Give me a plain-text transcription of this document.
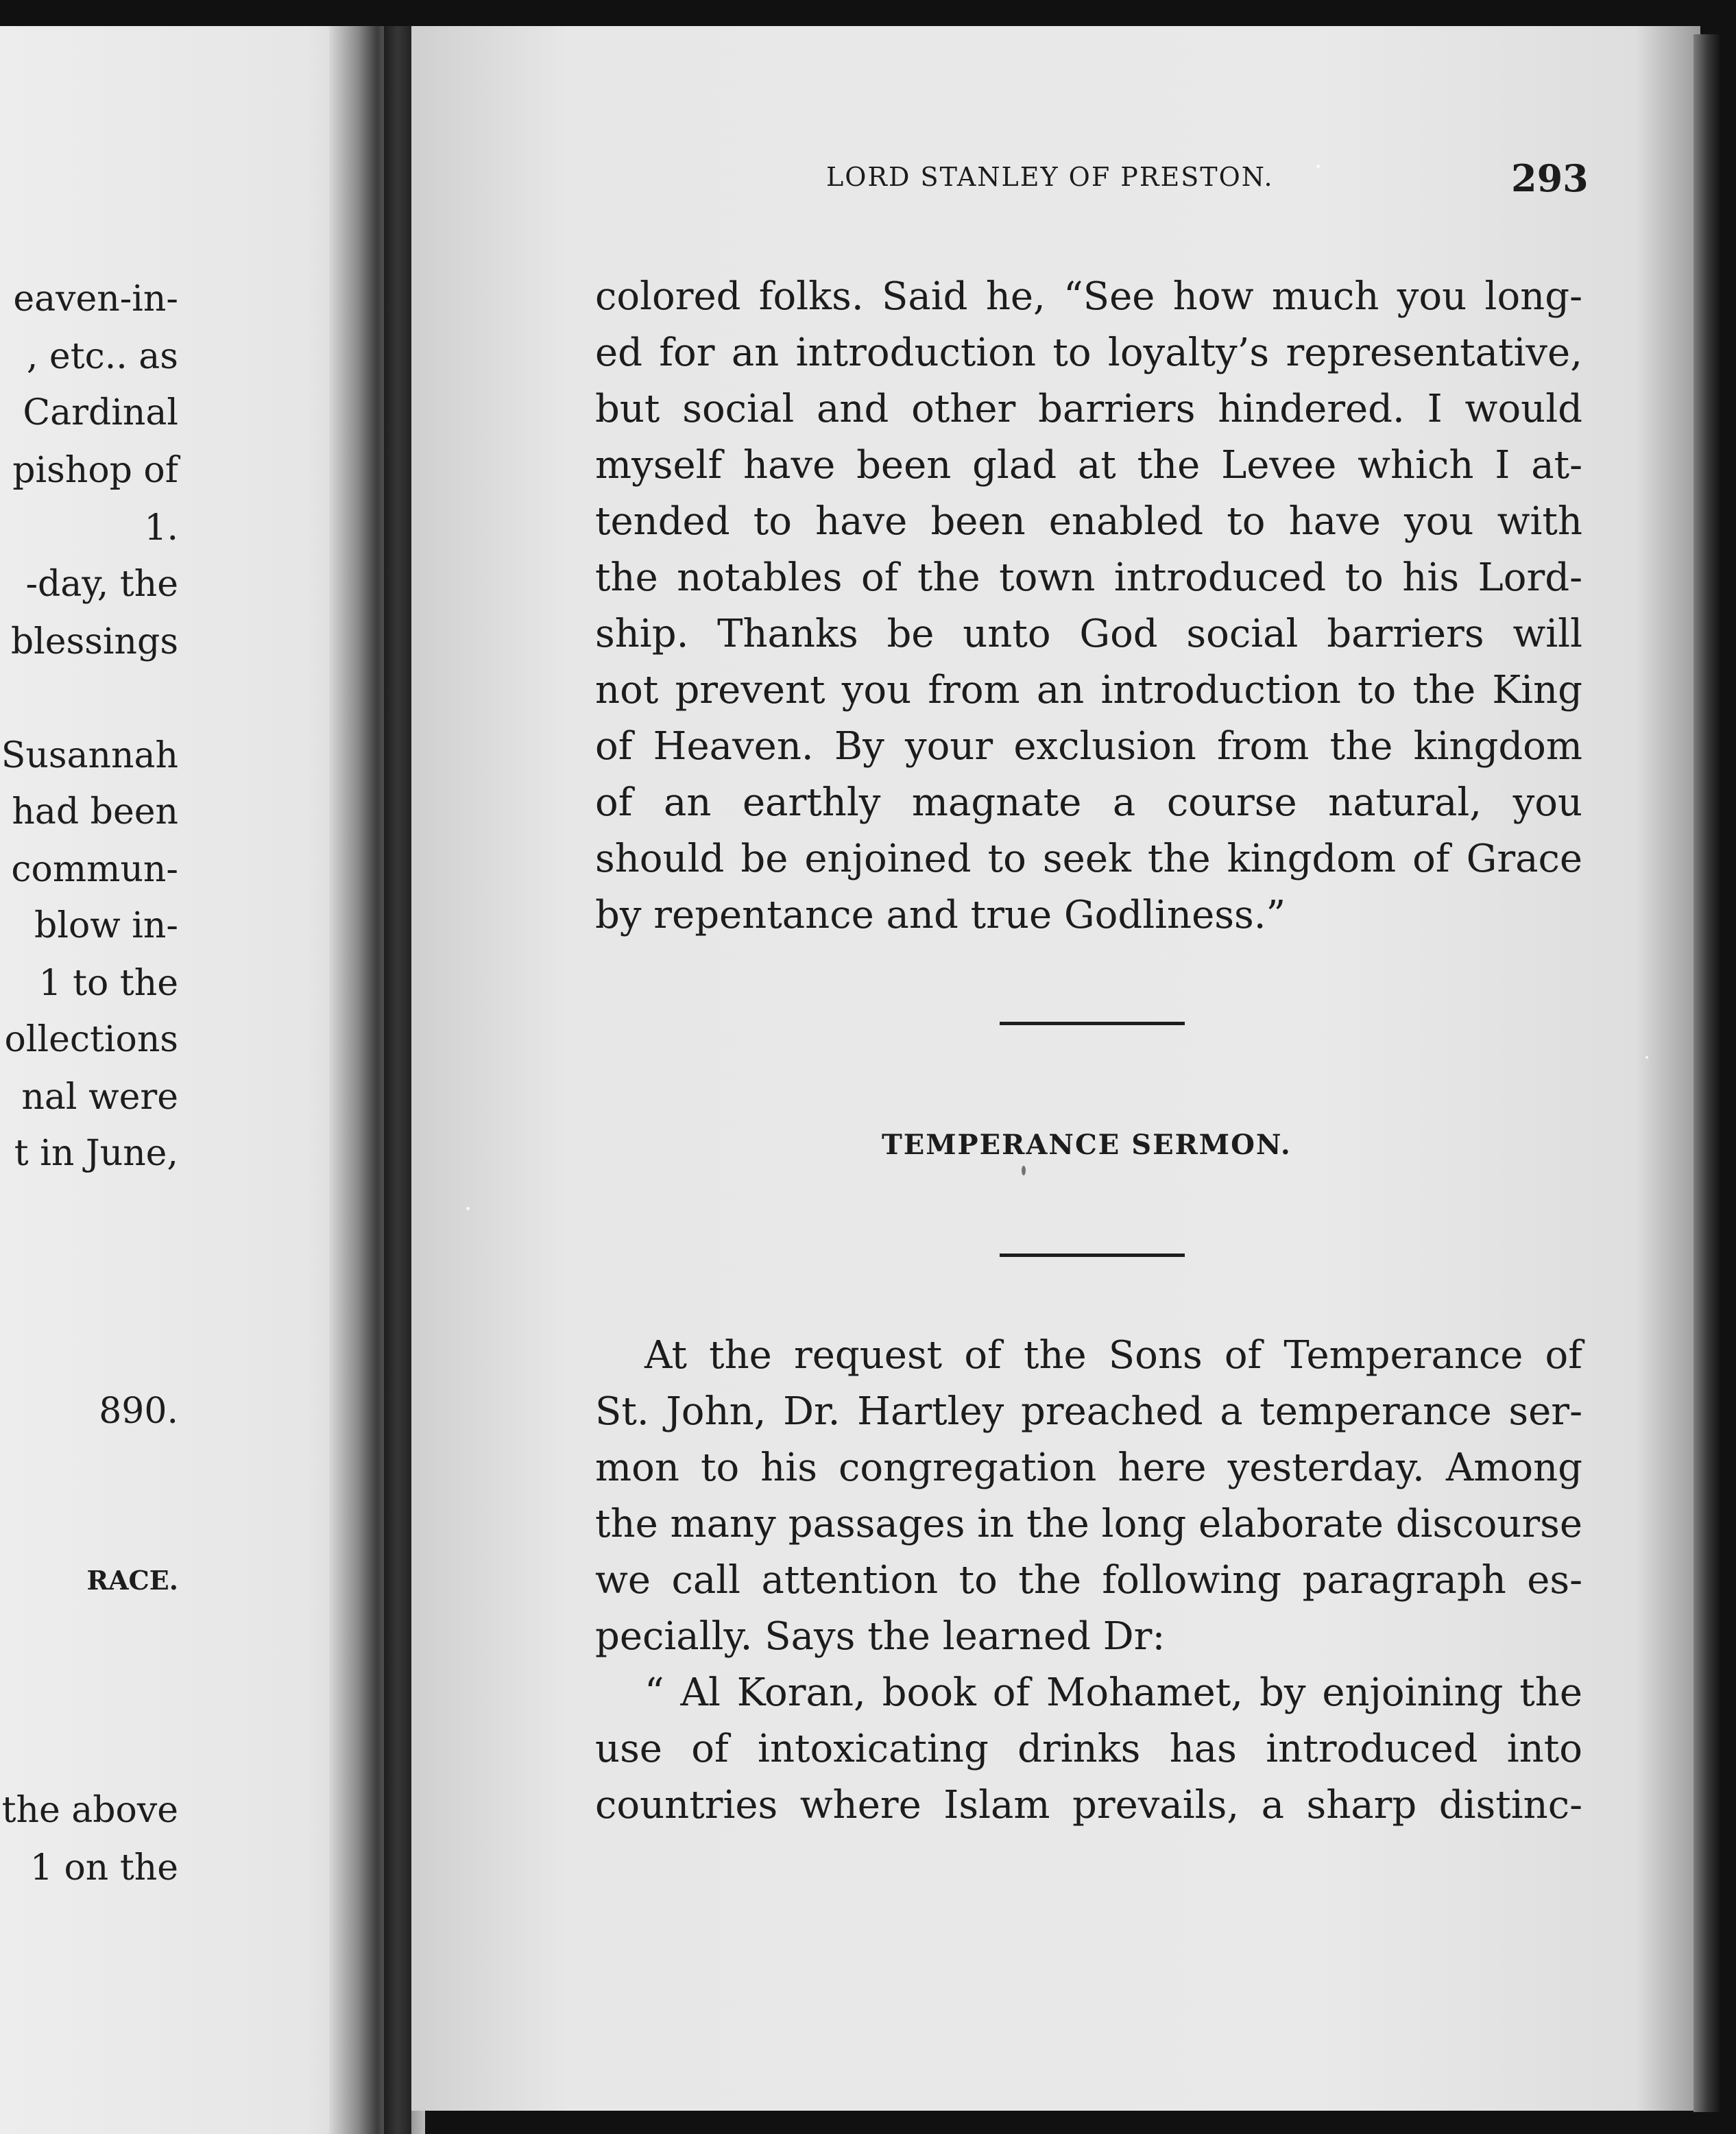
eaven-in-
, etc.. as
Cardinal
pishop of
1.
-day, the
blessings
Susannah
had been
commun-
blow in-
1 to the
ollections
nal were
t in June,
890.
RACE.
the above
1 on the
LORD STANLEY OF PRESTON.	293
colored folks. Said he, “See how much you long-
ed for an introduction to loyalty’s representative,
but social and other barriers hindered. I would
myself have been glad at the Levee which I at-
tended to have been enabled to have you with
the notables of the town introduced to his Lord-
ship. Thanks be unto God social barriers will
not prevent you from an introduction to the King
of Heaven. By your exclusion from the kingdom
of an earthly magnate a course natural, you
should be enjoined to seek the kingdom of Grace
by repentance and true Godliness.”
TEMPERANCE SERMON.
At the request of the Sons of Temperance of
St. John, Dr. Hartley preached a temperance ser-
mon to his congregation here yesterday. Among
the many passages in the long elaborate discourse
we call attention to the following paragraph es-
pecially. Says the learned Dr:
“ Al Koran, book of Mohamet, by enjoining the
use of intoxicating drinks has introduced into
countries where Islam prevails, a sharp distinc-
